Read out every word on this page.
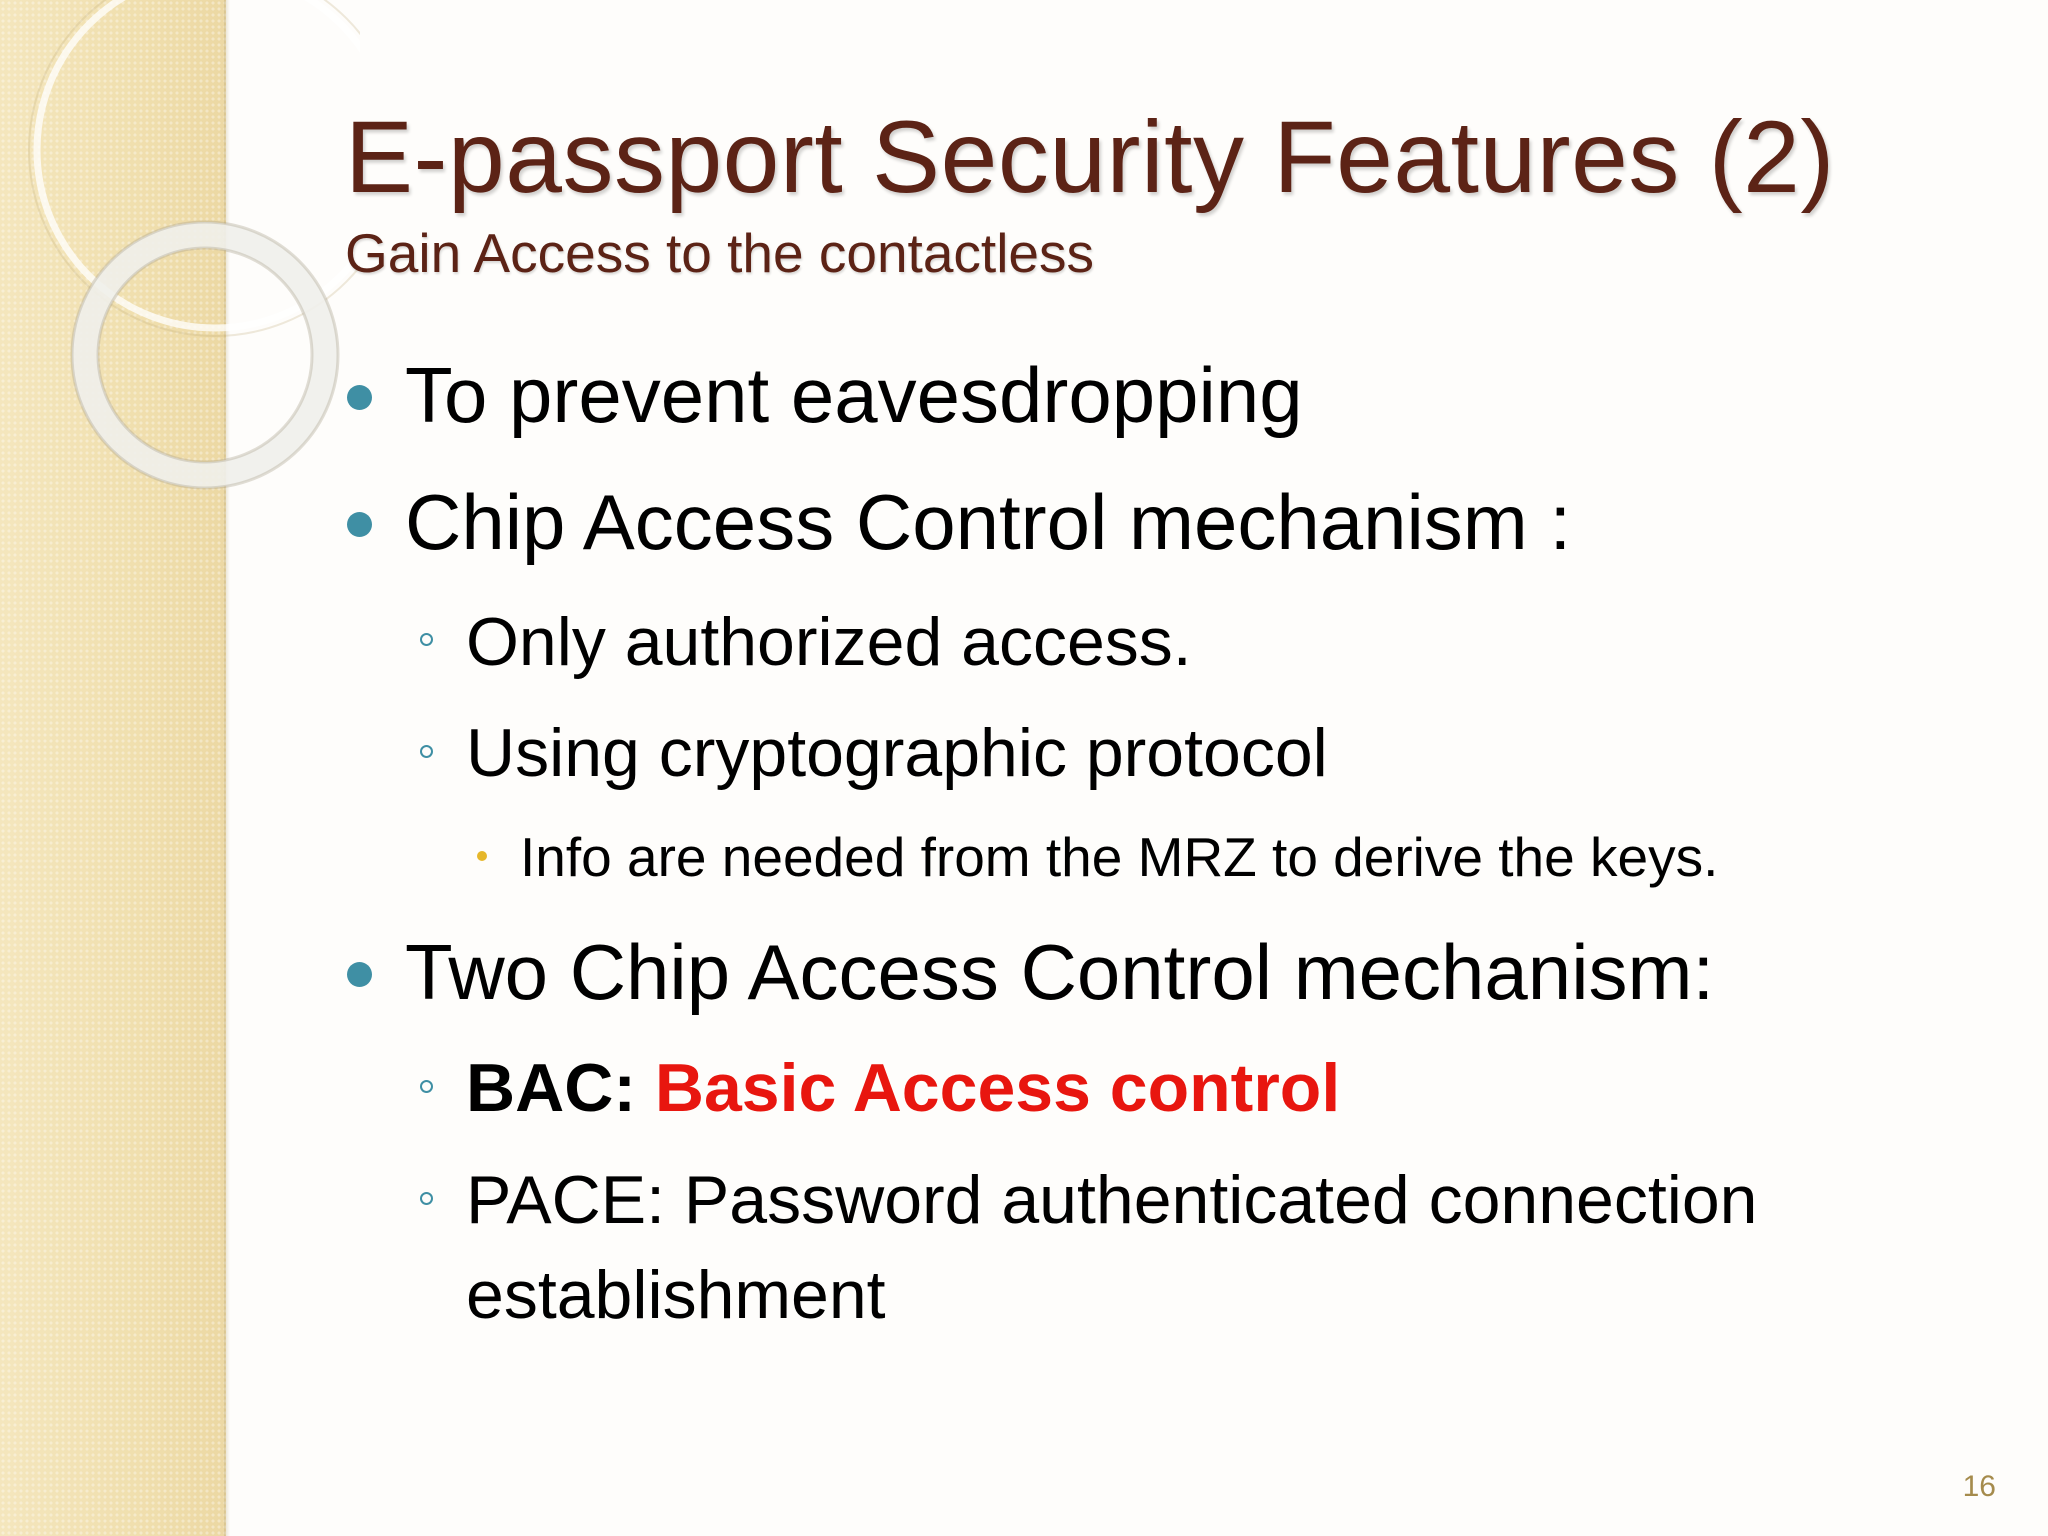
E-passport Security Features (2)
Gain Access to the contactless
To prevent eavesdropping
Chip Access Control mechanism :
Only authorized access.
Using cryptographic protocol
Info are needed from the MRZ to derive the keys.
Two Chip Access Control mechanism:
BAC: Basic Access control
PACE: Password authenticated connection
establishment
16
